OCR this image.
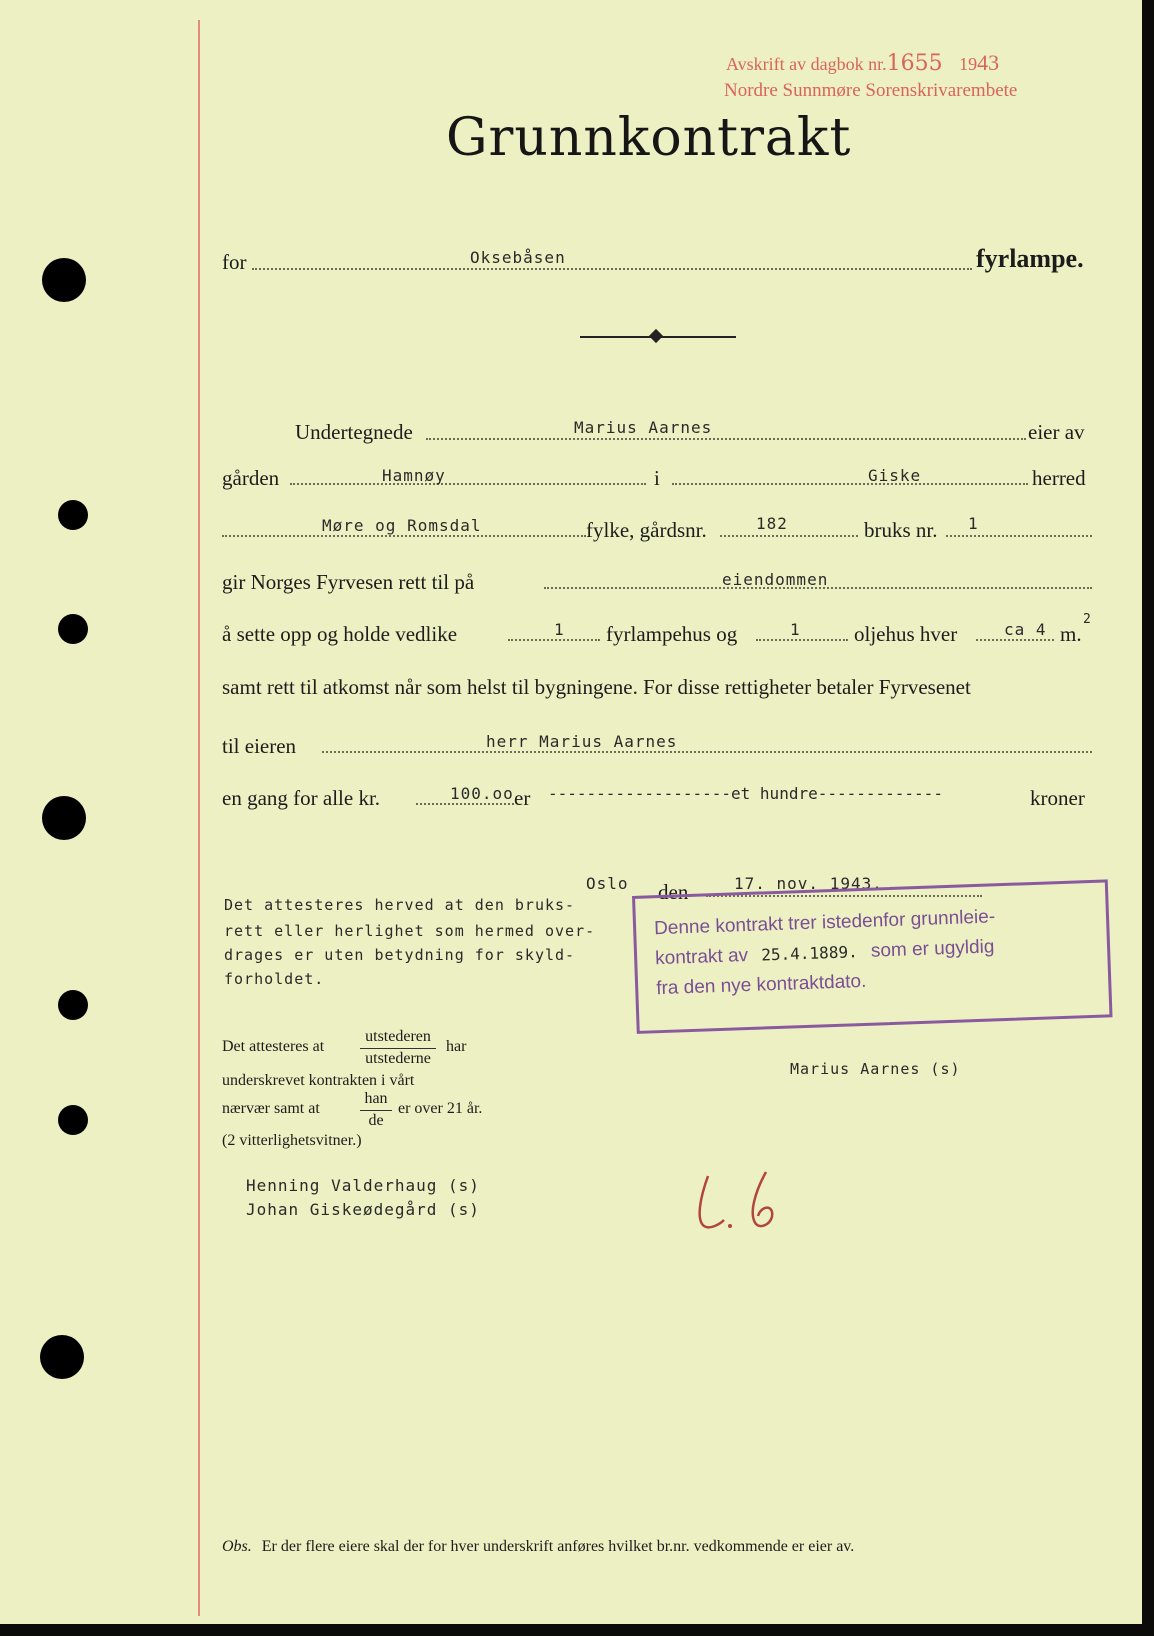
Avskrift av dagbok nr.1655 1943
Nordre Sunnmøre Sorenskrivarembete
Grunnkontrakt
for	Oksebåsen	fyrlampe.
Undertegnede	Marius Aarnes	eier av
gården	Hamnøy	i	Giske	herred
Møre og Romsdal	fylke, gårdsnr.	182	bruks nr. 1
gir Norges Fyrvesen rett til på	eiendommen
å sette opp og holde vedlike	1 fyrlampehus og	1	oljehus hver	ca 4 m.
2
samt rett til atkomst når som helst til bygningene. For disse rettigheter betaler Fyrvesenet
til eieren	herr Marius Aarnes
en gang for alle kr.	100.oo er -------------------et hundre-------------	kroner
Oslo den	17. nov. 1943.
Det attesteres herved at den bruks-
rett eller herlighet som hermed over-
drages er uten betydning for skyld-
forholdet.
Denne kontrakt trer istedenfor grunnleie-
kontrakt av 25.4.1889. som er ugyldig
fra den nye kontraktdato.
Det attesteres at
utstederen
utstederne
har
underskrevet kontrakten i vårt
nærvær samt at
han
de
er over 21 år.
(2 vitterlighetsvitner.)
Marius Aarnes (s)
Henning Valderhaug (s)
Johan Giskeødegård (s)
Obs. Er der flere eiere skal der for hver underskrift anføres hvilket br.nr. vedkommende er eier av.
